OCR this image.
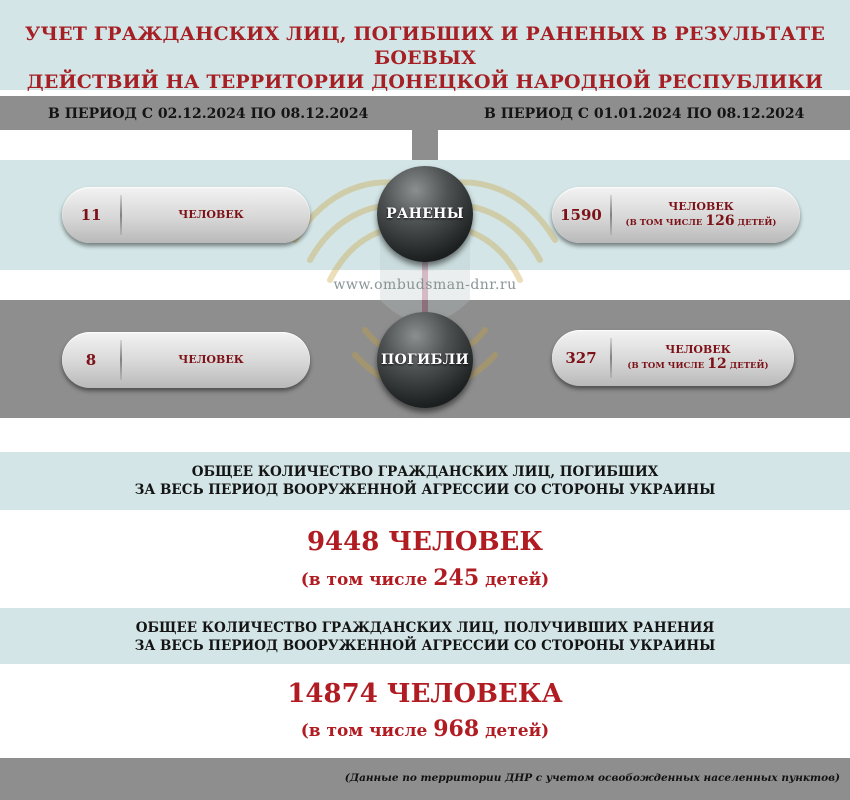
УЧЕТ ГРАЖДАНСКИХ ЛИЦ, ПОГИБШИХ И РАНЕНЫХ В РЕЗУЛЬТАТЕ БОЕВЫХ
ДЕЙСТВИЙ НА ТЕРРИТОРИИ ДОНЕЦКОЙ НАРОДНОЙ РЕСПУБЛИКИ
В ПЕРИОД С 02.12.2024 ПО 08.12.2024	В ПЕРИОД С 01.01.2024 ПО 08.12.2024
www.ombudsman-dnr.ru
11	ЧЕЛОВЕК	РАНЕНЫ	1590	ЧЕЛОВЕК
(В ТОМ ЧИСЛЕ 126 ДЕТЕЙ)
8	ЧЕЛОВЕК	ПОГИБЛИ	327	ЧЕЛОВЕК
(В ТОМ ЧИСЛЕ 12 ДЕТЕЙ)
ОБЩЕЕ КОЛИЧЕСТВО ГРАЖДАНСКИХ ЛИЦ, ПОГИБШИХ
ЗА ВЕСЬ ПЕРИОД ВООРУЖЕННОЙ АГРЕССИИ СО СТОРОНЫ УКРАИНЫ
9448 ЧЕЛОВЕК
(в том числе 245 детей)
ОБЩЕЕ КОЛИЧЕСТВО ГРАЖДАНСКИХ ЛИЦ, ПОЛУЧИВШИХ РАНЕНИЯ
ЗА ВЕСЬ ПЕРИОД ВООРУЖЕННОЙ АГРЕССИИ СО СТОРОНЫ УКРАИНЫ
14874 ЧЕЛОВЕКА
(в том числе 968 детей)
(Данные по территории ДНР с учетом освобожденных населенных пунктов)
